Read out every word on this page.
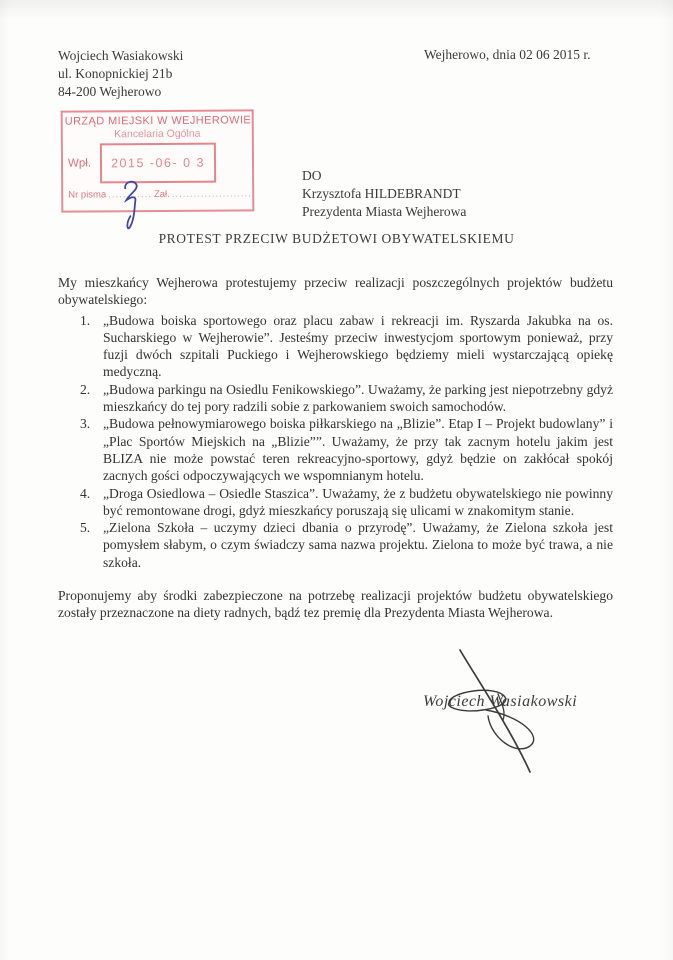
Wojciech Wasiakowski
ul. Konopnickiej 21b
84-200 Wejherowo
Wejherowo, dnia 02 06 2015 r.
URZĄD MIEJSKI W WEJHEROWIE
Kancelaria Ogólna
Wpł. 2015 -06- 0 3
Nr pisma ............ Zał. ......................
DO
Krzysztofa HILDEBRANDT
Prezydenta Miasta Wejherowa
PROTEST PRZECIW BUDŻETOWI OBYWATELSKIEMU

My mieszkańcy Wejherowa protestujemy przeciw realizacji poszczególnych projektów budżetu obywatelskiego:

1. „Budowa boiska sportowego oraz placu zabaw i rekreacji im. Ryszarda Jakubka na os. Sucharskiego w Wejherowie”. Jesteśmy przeciw inwestycjom sportowym ponieważ, przy fuzji dwóch szpitali Puckiego i Wejherowskiego będziemy mieli wystarczającą opiekę medyczną.
2. „Budowa parkingu na Osiedlu Fenikowskiego”. Uważamy, że parking jest niepotrzebny gdyż mieszkańcy do tej pory radzili sobie z parkowaniem swoich samochodów.
3. „Budowa pełnowymiarowego boiska piłkarskiego na „Blizie”. Etap I – Projekt budowlany” i „Plac Sportów Miejskich na „Blizie””. Uważamy, że przy tak zacnym hotelu jakim jest BLIZA nie może powstać teren rekreacyjno-sportowy, gdyż będzie on zakłócał spokój zacnych gości odpoczywających we wspomnianym hotelu.
4. „Droga Osiedlowa – Osiedle Staszica”. Uważamy, że z budżetu obywatelskiego nie powinny być remontowane drogi, gdyż mieszkańcy poruszają się ulicami w znakomitym stanie.
5. „Zielona Szkoła – uczymy dzieci dbania o przyrodę”. Uważamy, że Zielona szkoła jest pomysłem słabym, o czym świadczy sama nazwa projektu. Zielona to może być trawa, a nie szkoła.

Proponujemy aby środki zabezpieczone na potrzebę realizacji projektów budżetu obywatelskiego zostały przeznaczone na diety radnych, bądź tez premię dla Prezydenta Miasta Wejherowa.

Wojciech Wasiakowski
